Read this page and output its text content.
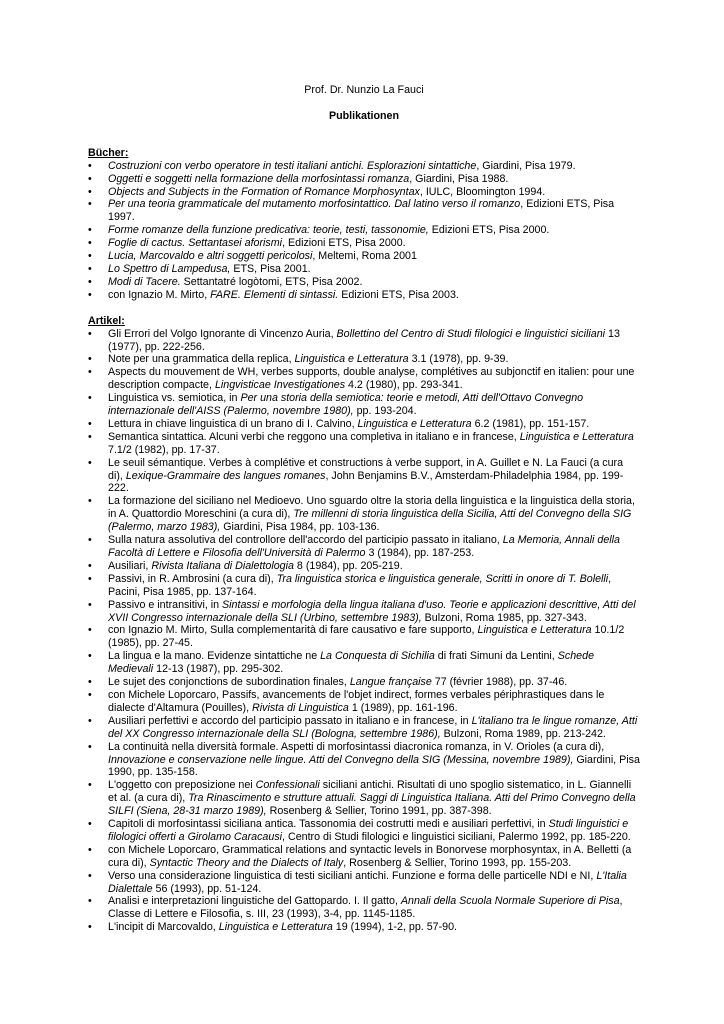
Prof. Dr. Nunzio La Fauci

Publikationen

Bücher:

•	Costruzioni con verbo operatore in testi italiani antichi. Esplorazioni sintattiche, Giardini, Pisa 1979.
•	Oggetti e soggetti nella formazione della morfosintassi romanza, Giardini, Pisa 1988.
•	Objects and Subjects in the Formation of Romance Morphosyntax, IULC, Bloomington 1994.
•	Per una teoria grammaticale del mutamento morfosintattico. Dal latino verso il romanzo, Edizioni ETS, Pisa 1997.
•	Forme romanze della funzione predicativa: teorie, testi, tassonomie, Edizioni ETS, Pisa 2000.
•	Foglie di cactus. Settantasei aforismi, Edizioni ETS, Pisa 2000.
•	Lucia, Marcovaldo e altri soggetti pericolosi, Meltemi, Roma 2001
•	Lo Spettro di Lampedusa, ETS, Pisa 2001.
•	Modi di Tacere. Settantatré logòtomi, ETS, Pisa 2002.
•	con Ignazio M. Mirto, FARE. Elementi di sintassi. Edizioni ETS, Pisa 2003.

Artikel:

•	Gli Errori del Volgo Ignorante di Vincenzo Auria, Bollettino del Centro di Studi filologici e linguistici siciliani 13 (1977), pp. 222-256.
•	Note per una grammatica della replica, Linguistica e Letteratura 3.1 (1978), pp. 9-39.
•	Aspects du mouvement de WH, verbes supports, double analyse, complétives au subjonctif en italien: pour une description compacte, Lingvisticae Investigationes 4.2 (1980), pp. 293-341.
•	Linguistica vs. semiotica, in Per una storia della semiotica: teorie e metodi, Atti dell'Ottavo Convegno internazionale dell'AISS (Palermo, novembre 1980), pp. 193-204.
•	Lettura in chiave linguistica di un brano di I. Calvino, Linguistica e Letteratura 6.2 (1981), pp. 151-157.
•	Semantica sintattica. Alcuni verbi che reggono una completiva in italiano e in francese, Linguistica e Letteratura 7.1/2 (1982), pp. 17-37.
•	Le seuil sémantique. Verbes à complétive et constructions à verbe support, in A. Guillet e N. La Fauci (a cura di), Lexique-Grammaire des langues romanes, John Benjamins B.V., Amsterdam-Philadelphia 1984, pp. 199-222.
•	La formazione del siciliano nel Medioevo. Uno sguardo oltre la storia della linguistica e la linguistica della storia, in A. Quattordio Moreschini (a cura di), Tre millenni di storia linguistica della Sicilia, Atti del Convegno della SIG (Palermo, marzo 1983), Giardini, Pisa 1984, pp. 103-136.
•	Sulla natura assolutiva del controllore dell'accordo del participio passato in italiano, La Memoria, Annali della Facoltà di Lettere e Filosofia dell'Università di Palermo 3 (1984), pp. 187-253.
•	Ausiliari, Rivista Italiana di Dialettologia 8 (1984), pp. 205-219.
•	Passivi, in R. Ambrosini (a cura di), Tra linguistica storica e linguistica generale, Scritti in onore di T. Bolelli, Pacini, Pisa 1985, pp. 137-164.
•	Passivo e intransitivi, in Sintassi e morfologia della lingua italiana d'uso. Teorie e applicazioni descrittive, Atti del XVII Congresso internazionale della SLI (Urbino, settembre 1983), Bulzoni, Roma 1985, pp. 327-343.
•	con Ignazio M. Mirto, Sulla complementarità di fare causativo e fare supporto, Linguistica e Letteratura 10.1/2 (1985), pp. 27-45.
•	La lingua e la mano. Evidenze sintattiche ne La Conquesta di Sichilia di frati Simuni da Lentini, Schede Medievali 12-13 (1987), pp. 295-302.
•	Le sujet des conjonctions de subordination finales, Langue française 77 (février 1988), pp. 37-46.
•	con Michele Loporcaro, Passifs, avancements de l'objet indirect, formes verbales périphrastiques dans le dialecte d'Altamura (Pouilles), Rivista di Linguistica 1 (1989), pp. 161-196.
•	Ausiliari perfettivi e accordo del participio passato in italiano e in francese, in L'italiano tra le lingue romanze, Atti del XX Congresso internazionale della SLI (Bologna, settembre 1986), Bulzoni, Roma 1989, pp. 213-242.
•	La continuità nella diversità formale. Aspetti di morfosintassi diacronica romanza, in V. Orioles (a cura di), Innovazione e conservazione nelle lingue. Atti del Convegno della SIG (Messina, novembre 1989), Giardini, Pisa 1990, pp. 135-158.
•	L'oggetto con preposizione nei Confessionali siciliani antichi. Risultati di uno spoglio sistematico, in L. Giannelli et al. (a cura di), Tra Rinascimento e strutture attuali. Saggi di Linguistica Italiana. Atti del Primo Convegno della SILFI (Siena, 28-31 marzo 1989), Rosenberg & Sellier, Torino 1991, pp. 387-398.
•	Capitoli di morfosintassi siciliana antica. Tassonomia dei costrutti medi e ausiliari perfettivi, in Studi linguistici e filologici offerti a Girolamo Caracausi, Centro di Studi filologici e linguistici siciliani, Palermo 1992, pp. 185-220.
•	con Michele Loporcaro, Grammatical relations and syntactic levels in Bonorvese morphosyntax, in A. Belletti (a cura di), Syntactic Theory and the Dialects of Italy, Rosenberg & Sellier, Torino 1993, pp. 155-203.
•	Verso una considerazione linguistica di testi siciliani antichi. Funzione e forma delle particelle NDI e NI, L'Italia Dialettale 56 (1993), pp. 51-124.
•	Analisi e interpretazioni linguistiche del Gattopardo. I. Il gatto, Annali della Scuola Normale Superiore di Pisa, Classe di Lettere e Filosofia, s. III, 23 (1993), 3-4, pp. 1145-1185.
•	L'incipit di Marcovaldo, Linguistica e Letteratura 19 (1994), 1-2, pp. 57-90.
